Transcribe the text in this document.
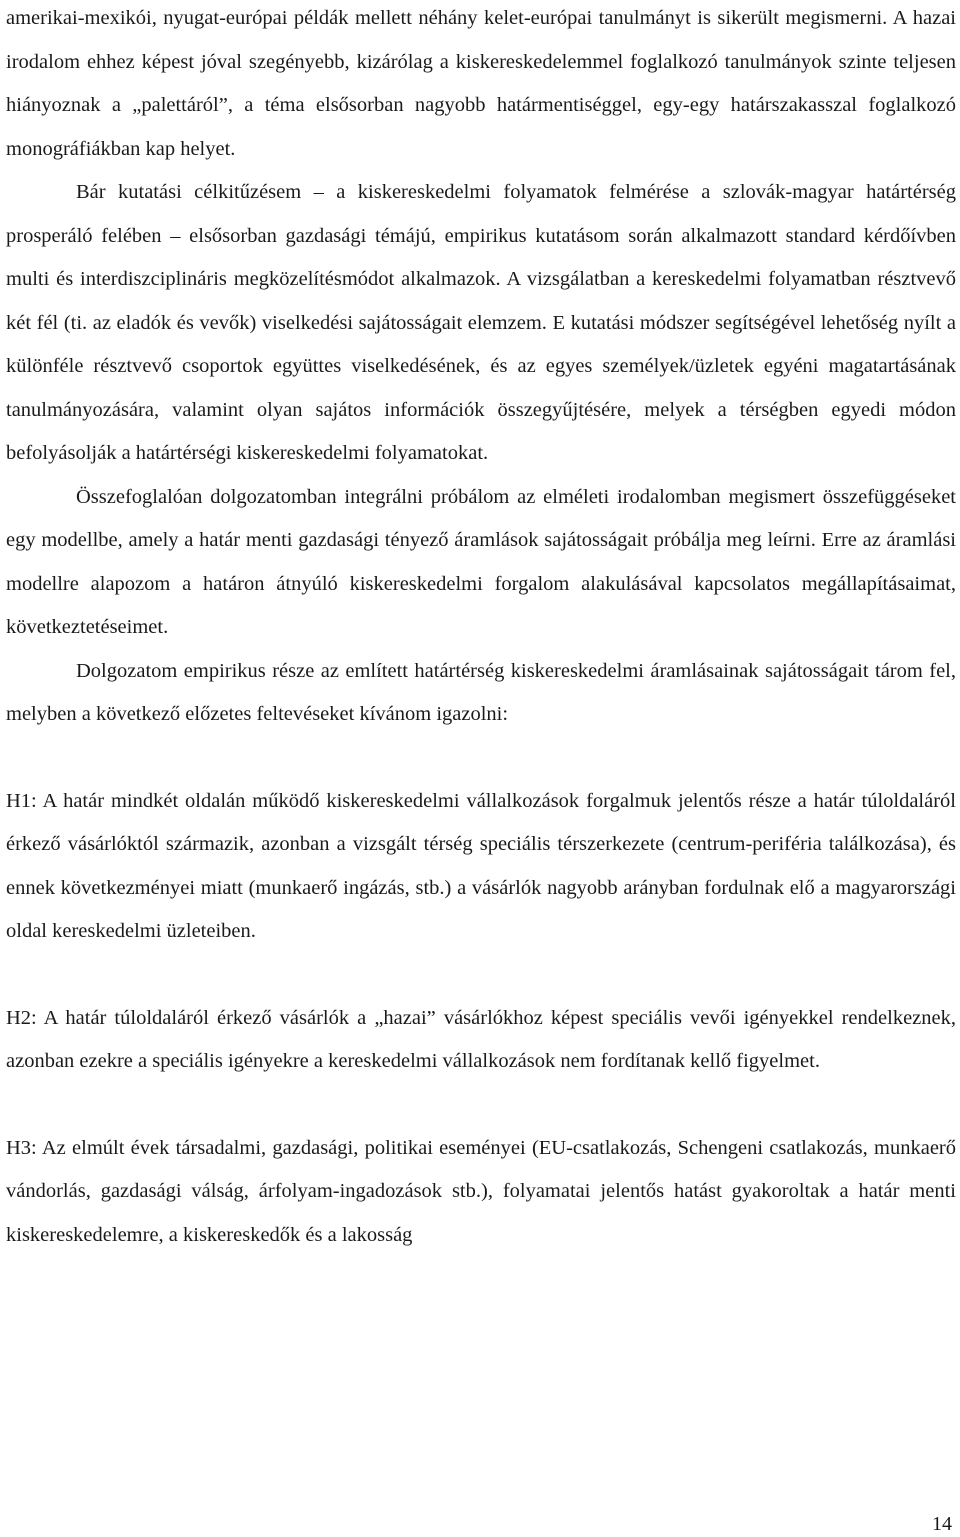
amerikai-mexikói, nyugat-európai példák mellett néhány kelet-európai tanulmányt is sikerült megismerni. A hazai irodalom ehhez képest jóval szegényebb, kizárólag a kiskereskedelemmel foglalkozó tanulmányok szinte teljesen hiányoznak a „palettáról”, a téma elsősorban nagyobb határmentiséggel, egy-egy határszakasszal foglalkozó monográfiákban kap helyet.

Bár kutatási célkitűzésem – a kiskereskedelmi folyamatok felmérése a szlovák-magyar határtérség prosperáló felében – elsősorban gazdasági témájú, empirikus kutatásom során alkalmazott standard kérdőívben multi és interdiszciplináris megközelítésmódot alkalmazok. A vizsgálatban a kereskedelmi folyamatban résztvevő két fél (ti. az eladók és vevők) viselkedési sajátosságait elemzem. E kutatási módszer segítségével lehetőség nyílt a különféle résztvevő csoportok együttes viselkedésének, és az egyes személyek/üzletek egyéni magatartásának tanulmányozására, valamint olyan sajátos információk összegyűjtésére, melyek a térségben egyedi módon befolyásolják a határtérségi kiskereskedelmi folyamatokat.

Összefoglalóan dolgozatomban integrálni próbálom az elméleti irodalomban megismert összefüggéseket egy modellbe, amely a határ menti gazdasági tényező áramlások sajátosságait próbálja meg leírni. Erre az áramlási modellre alapozom a határon átnyúló kiskereskedelmi forgalom alakulásával kapcsolatos megállapításaimat, következtetéseimet.

Dolgozatom empirikus része az említett határtérség kiskereskedelmi áramlásainak sajátosságait tárom fel, melyben a következő előzetes feltevéseket kívánom igazolni:

H1: A határ mindkét oldalán működő kiskereskedelmi vállalkozások forgalmuk jelentős része a határ túloldaláról érkező vásárlóktól származik, azonban a vizsgált térség speciális térszerkezete (centrum-periféria találkozása), és ennek következményei miatt (munkaerő ingázás, stb.) a vásárlók nagyobb arányban fordulnak elő a magyarországi oldal kereskedelmi üzleteiben.

H2: A határ túloldaláról érkező vásárlók a „hazai” vásárlókhoz képest speciális vevői igényekkel rendelkeznek, azonban ezekre a speciális igényekre a kereskedelmi vállalkozások nem fordítanak kellő figyelmet.

H3: Az elmúlt évek társadalmi, gazdasági, politikai eseményei (EU-csatlakozás, Schengeni csatlakozás, munkaerő vándorlás, gazdasági válság, árfolyam-ingadozások stb.), folyamatai jelentős hatást gyakoroltak a határ menti kiskereskedelemre, a kiskereskedők és a lakosság

14
